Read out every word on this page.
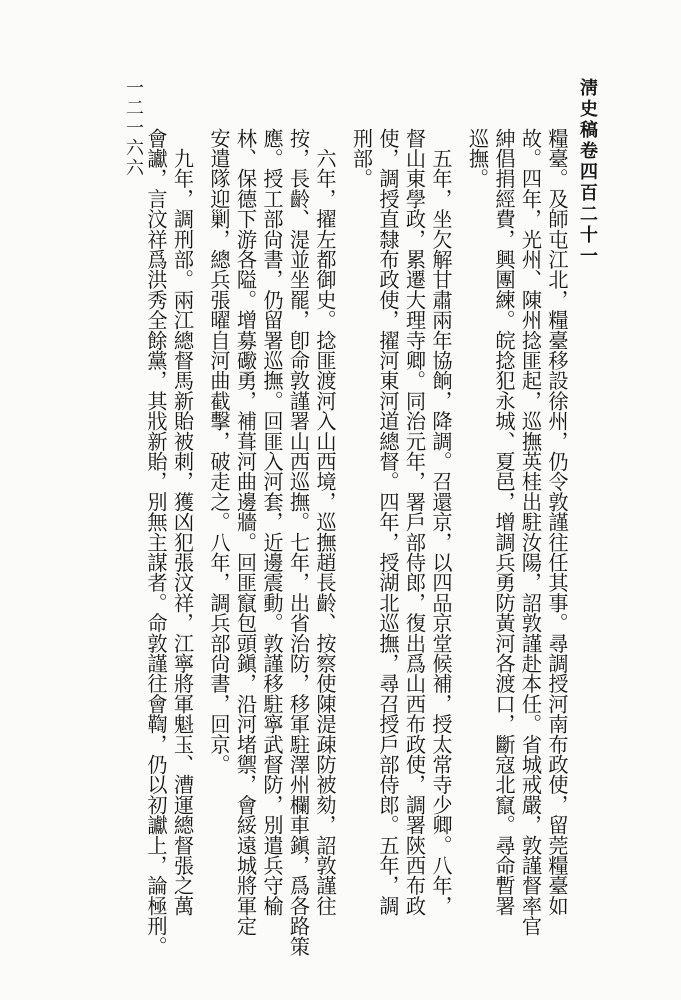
淸史稿卷四百二十一
一二一六六	糧臺。及師屯江北，糧臺移設徐州，仍令敦謹往任其事。尋調授河南布政使，留莞糧臺如
故。四年，光州、陳州捻匪起，巡撫英桂出駐汝陽，詔敦謹赴本任。省城戒嚴，敦謹督率官
紳倡捐經費，興團練。皖捻犯永城、夏邑，增調兵勇防黃河各渡口，斷寇北竄。尋命暫署
巡撫。
　五年，坐欠解甘肅兩年協餉，降調。召還京，以四品京堂候補，授太常寺少卿。八年，
督山東學政，累遷大理寺卿。同治元年，署戶部侍郎，復出爲山西布政使，調署陝西布政
使，調授直隸布政使，擢河東河道總督。四年，授湖北巡撫，尋召授戶部侍郎。五年，調
刑部。
　六年，擢左都御史。捻匪渡河入山西境，巡撫趙長齡、按察使陳湜疎防被劾，詔敦謹往
按，長齡、湜並坐罷，卽命敦謹署山西巡撫。七年，出省治防，移軍駐澤州欄車鎭，爲各路策
應。授工部尙書，仍留署巡撫。回匪入河套，近邊震動。敦謹移駐寧武督防，別遣兵守榆
林、保德下游各隘。增募礮勇，補葺河曲邊牆。回匪竄包頭鎭，沿河堵禦，會綏遠城將軍定
安遣隊迎剿，總兵張曜自河曲截擊，破走之。八年，調兵部尙書，回京。
　九年，調刑部。兩江總督馬新貽被刺，獲凶犯張汶祥，江寧將軍魁玉、漕運總督張之萬
會讞，言汶祥爲洪秀全餘黨，其戕新貽，別無主謀者。命敦謹往會鞫，仍以初讞上，論極刑。
